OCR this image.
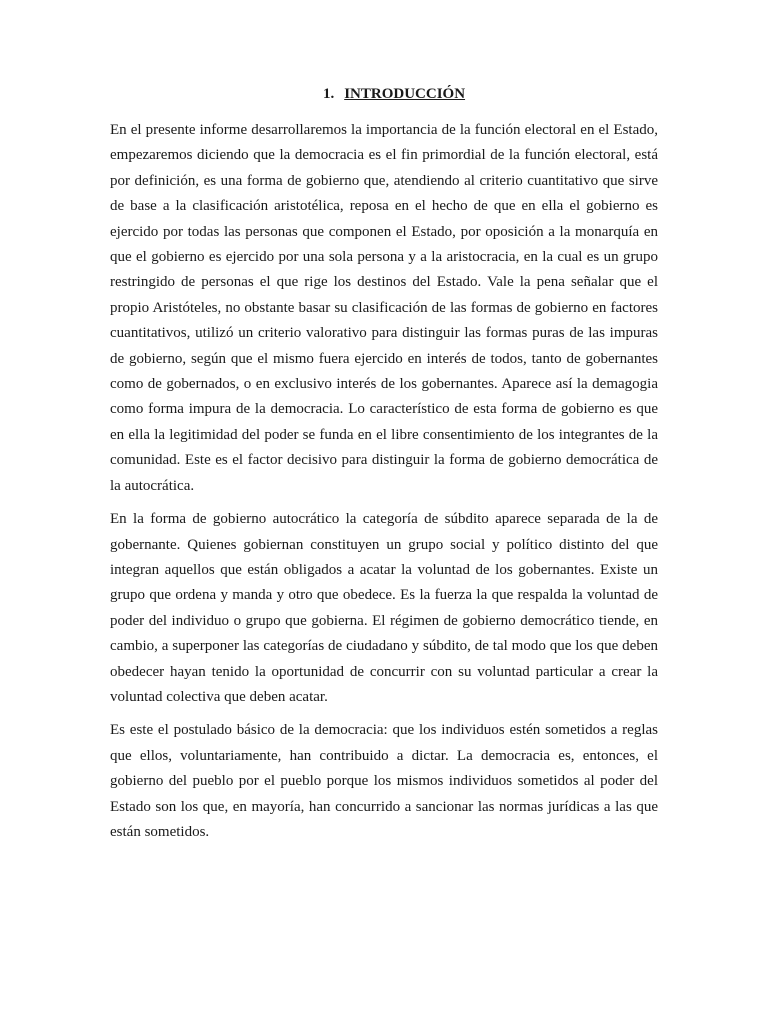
1. INTRODUCCIÓN

En el presente informe desarrollaremos la importancia de la función electoral en el Estado, empezaremos diciendo que la democracia es el fin primordial de la función electoral, está por definición, es una forma de gobierno que, atendiendo al criterio cuantitativo que sirve de base a la clasificación aristotélica, reposa en el hecho de que en ella el gobierno es ejercido por todas las personas que componen el Estado, por oposición a la monarquía en que el gobierno es ejercido por una sola persona y a la aristocracia, en la cual es un grupo restringido de personas el que rige los destinos del Estado. Vale la pena señalar que el propio Aristóteles, no obstante basar su clasificación de las formas de gobierno en factores cuantitativos, utilizó un criterio valorativo para distinguir las formas puras de las impuras de gobierno, según que el mismo fuera ejercido en interés de todos, tanto de gobernantes como de gobernados, o en exclusivo interés de los gobernantes. Aparece así la demagogia como forma impura de la democracia. Lo característico de esta forma de gobierno es que en ella la legitimidad del poder se funda en el libre consentimiento de los integrantes de la comunidad. Este es el factor decisivo para distinguir la forma de gobierno democrática de la autocrática.

En la forma de gobierno autocrático la categoría de súbdito aparece separada de la de gobernante. Quienes gobiernan constituyen un grupo social y político distinto del que integran aquellos que están obligados a acatar la voluntad de los gobernantes. Existe un grupo que ordena y manda y otro que obedece. Es la fuerza la que respalda la voluntad de poder del individuo o grupo que gobierna. El régimen de gobierno democrático tiende, en cambio, a superponer las categorías de ciudadano y súbdito, de tal modo que los que deben obedecer hayan tenido la oportunidad de concurrir con su voluntad particular a crear la voluntad colectiva que deben acatar.

Es este el postulado básico de la democracia: que los individuos estén sometidos a reglas que ellos, voluntariamente, han contribuido a dictar. La democracia es, entonces, el gobierno del pueblo por el pueblo porque los mismos individuos sometidos al poder del Estado son los que, en mayoría, han concurrido a sancionar las normas jurídicas a las que están sometidos.
